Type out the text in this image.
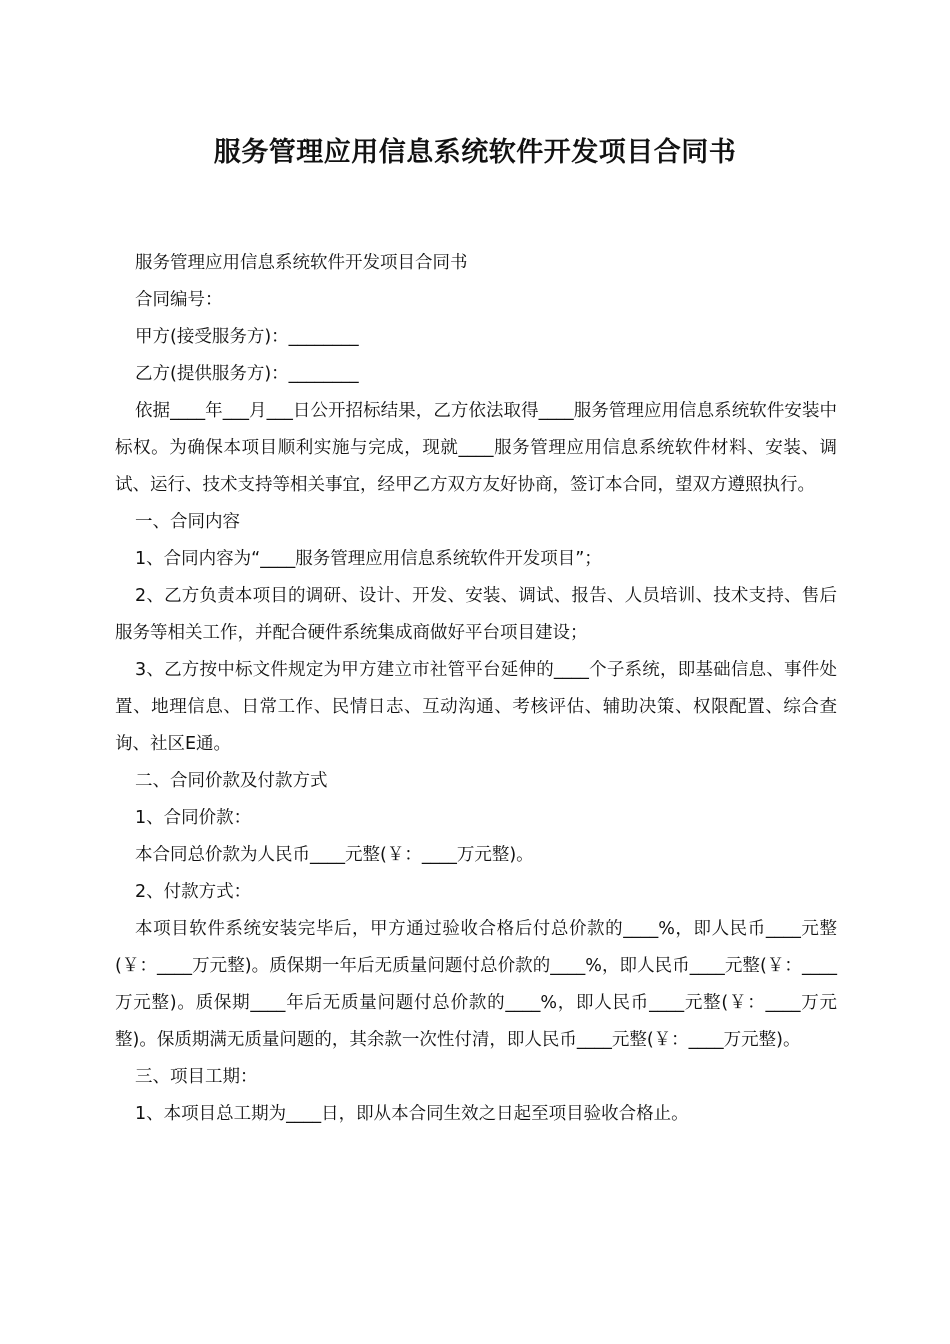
服务管理应用信息系统软件开发项目合同书

服务管理应用信息系统软件开发项目合同书

合同编号：

甲方(接受服务方)：________

乙方(提供服务方)：________

依据____年___月___日公开招标结果，乙方依法取得____服务管理应用信息系统软件安装中标权。为确保本项目顺利实施与完成，现就____服务管理应用信息系统软件材料、安装、调试、运行、技术支持等相关事宜，经甲乙方双方友好协商，签订本合同，望双方遵照执行。

一、合同内容

1、合同内容为“____服务管理应用信息系统软件开发项目”；

2、乙方负责本项目的调研、设计、开发、安装、调试、报告、人员培训、技术支持、售后服务等相关工作，并配合硬件系统集成商做好平台项目建设；

3、乙方按中标文件规定为甲方建立市社管平台延伸的____个子系统，即基础信息、事件处置、地理信息、日常工作、民情日志、互动沟通、考核评估、辅助决策、权限配置、综合查询、社区E通。

二、合同价款及付款方式

1、合同价款：

本合同总价款为人民币____元整(￥：____万元整)。

2、付款方式：

本项目软件系统安装完毕后，甲方通过验收合格后付总价款的____%，即人民币____元整(￥：____万元整)。质保期一年后无质量问题付总价款的____%，即人民币____元整(￥：____万元整)。质保期____年后无质量问题付总价款的____%，即人民币____元整(￥：____万元整)。保质期满无质量问题的，其余款一次性付清，即人民币____元整(￥：____万元整)。

三、项目工期：

1、本项目总工期为____日，即从本合同生效之日起至项目验收合格止。
